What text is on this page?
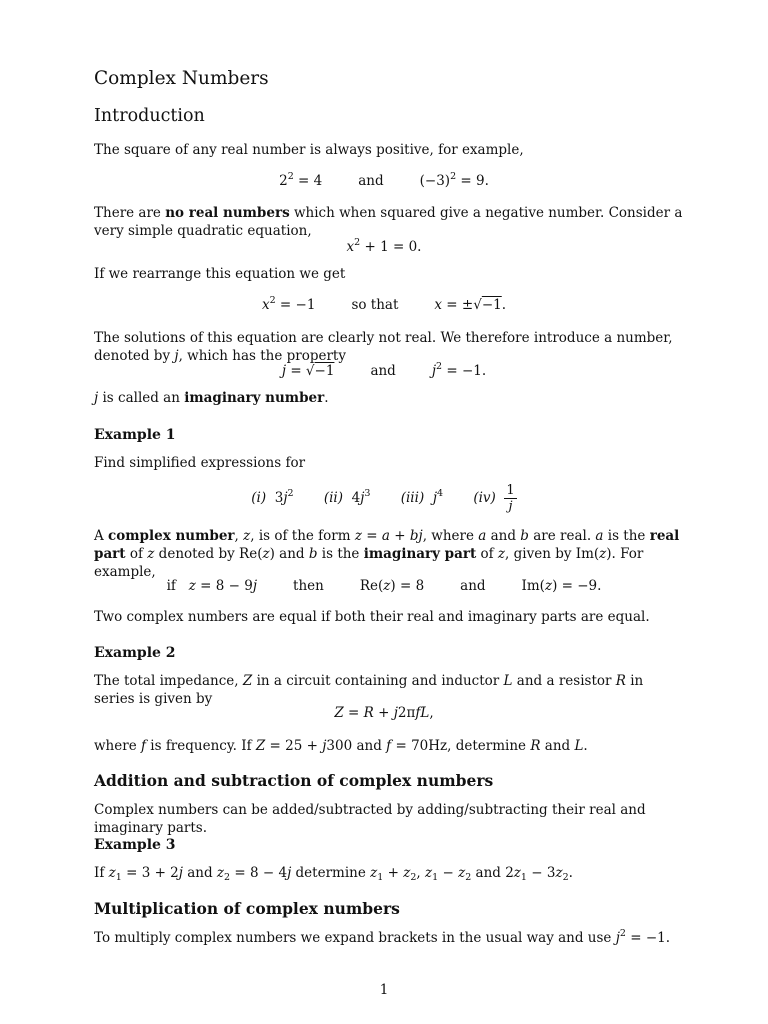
Complex Numbers
Introduction
The square of any real number is always positive, for example,
$2^2 = 4$	and	$(-3)^2 = 9$.
There are no real numbers which when squared give a negative number. Consider a very simple quadratic equation,
$x^2 + 1 = 0$.
If we rearrange this equation we get
$x^2 = -1$	so that	x = ±√−1.
The solutions of this equation are clearly not real. We therefore introduce a number, denoted by j, which has the property
j = √−1	and	$j^2 = -1$.
j is called an imaginary number.
Example 1
Find simplified expressions for
(i)  $3j^2$ (ii)  $4j^3$ (iii) $j^4$ $(iv) \frac{1}{j}$
A complex number, z, is of the form z = a + bj, where a and b are real. a is the real part of z denoted by Re(z) and b is the imaginary part of z, given by Im(z). For example,
if   z = 8 − 9j	then	Re(z) = 8	and	Im(z) = −9.
Two complex numbers are equal if both their real and imaginary parts are equal.
Example 2
The total impedance, Z in a circuit containing and inductor L and a resistor R in series is given by
Z = R + j2πfL,
where f is frequency. If Z = 25 + j300 and f = 70Hz, determine R and L.
Addition and subtraction of complex numbers
Complex numbers can be added/subtracted by adding/subtracting their real and imaginary parts.
Example 3
If $z_1 = 3 + 2j$ and $z_2 = 8 - 4j$ determine $z_1 + z_2$, $z_1 - z_2$ and $2z_1 - 3z_2$.
Multiplication of complex numbers
To multiply complex numbers we expand brackets in the usual way and use $j^2 = -1$.
1
